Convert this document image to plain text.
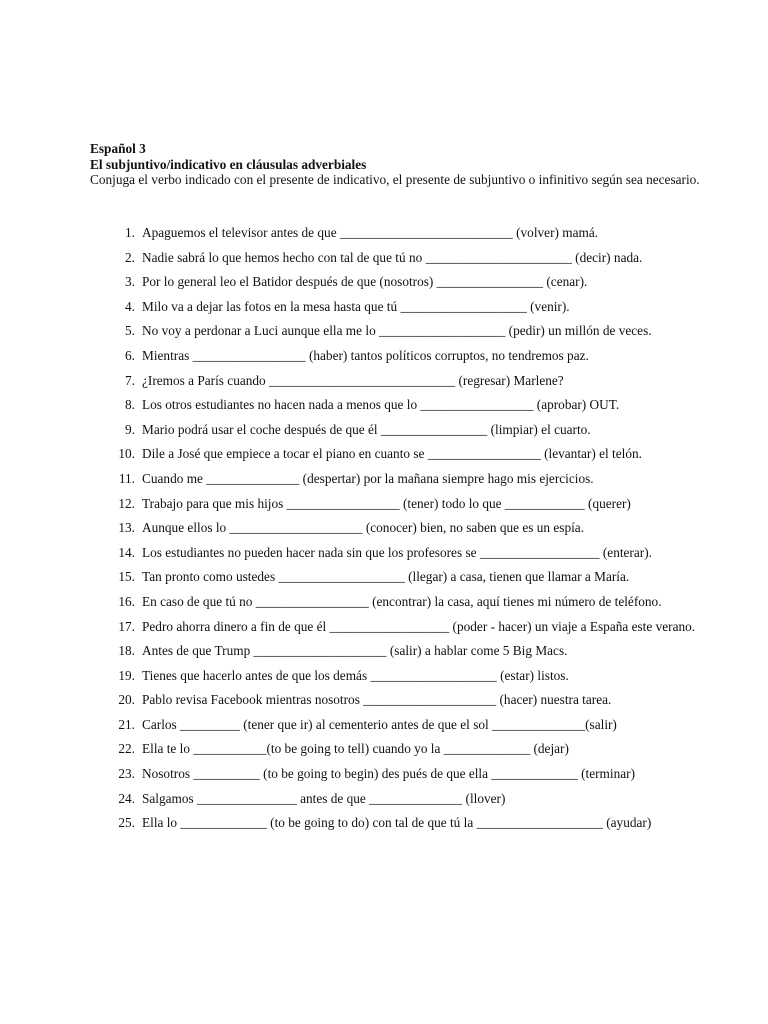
Español 3
El subjuntivo/indicativo en cláusulas adverbiales
Conjuga el verbo indicado con el presente de indicativo, el presente de subjuntivo o infinitivo según sea necesario.
1. Apaguemos el televisor antes de que __________________________ (volver) mamá.
2. Nadie sabrá lo que hemos hecho con tal de que tú no ______________________ (decir) nada.
3. Por lo general leo el Batidor después de que (nosotros) ________________ (cenar).
4. Milo va a dejar las fotos en la mesa hasta que tú ___________________ (venir).
5. No voy a perdonar a Luci aunque ella me lo ___________________ (pedir) un millón de veces.
6. Mientras _________________ (haber) tantos políticos corruptos, no tendremos paz.
7. ¿Iremos a París cuando ____________________________ (regresar) Marlene?
8. Los otros estudiantes no hacen nada a menos que lo _________________ (aprobar) OUT.
9. Mario podrá usar el coche después de que él ________________ (limpiar) el cuarto.
10. Dile a José que empiece a tocar el piano en cuanto se _________________ (levantar) el telón.
11. Cuando me ______________ (despertar) por la mañana siempre hago mis ejercicios.
12. Trabajo para que mis hijos _________________ (tener) todo lo que ____________ (querer)
13. Aunque ellos lo ____________________ (conocer) bien, no saben que es un espía.
14. Los estudiantes no pueden hacer nada sin que los profesores se __________________ (enterar).
15. Tan pronto como ustedes ___________________ (llegar) a casa, tienen que llamar a María.
16. En caso de que tú no _________________ (encontrar) la casa, aquí tienes mi número de teléfono.
17. Pedro ahorra dinero a fin de que él __________________ (poder - hacer) un viaje a España este verano.
18. Antes de que Trump ____________________ (salir) a hablar come 5 Big Macs.
19. Tienes que hacerlo antes de que los demás ___________________ (estar) listos.
20. Pablo revisa Facebook mientras nosotros ____________________ (hacer) nuestra tarea.
21. Carlos _________ (tener que ir) al cementerio antes de que el sol ______________(salir)
22. Ella te lo ___________(to be going to tell) cuando yo la _____________ (dejar)
23. Nosotros __________ (to be going to begin) des pués de que ella _____________ (terminar)
24. Salgamos _______________ antes de que ______________ (llover)
25. Ella lo _____________ (to be going to do) con tal de que tú la ___________________ (ayudar)
